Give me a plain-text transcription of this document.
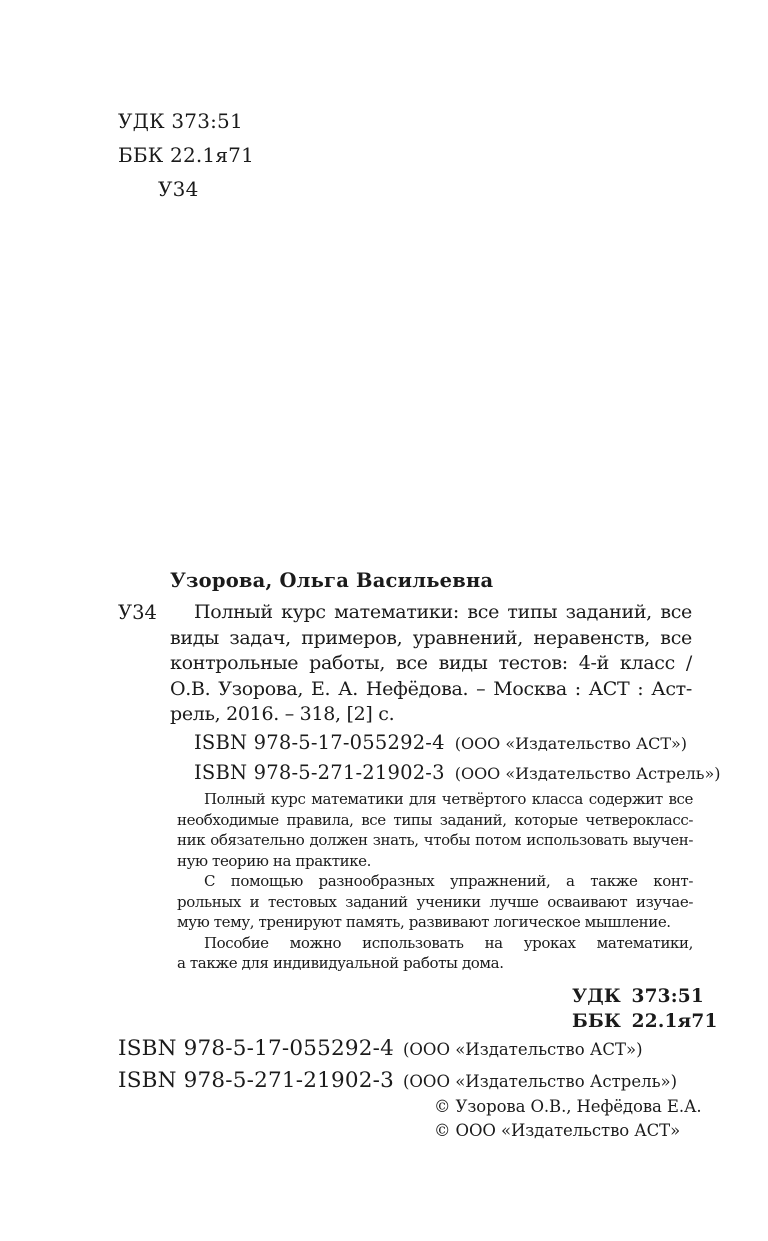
УДК 373:51
ББК 22.1я71
У34
Узорова, Ольга Васильевна
У34	Полный курс математики: все типы заданий, все
виды задач, примеров, уравнений, неравенств, все
контрольные работы, все виды тестов: 4-й класс /
О.В. Узорова, Е. А. Нефёдова. – Москва : АСТ : Аст-
рель, 2016. – 318, [2] с.
ISBN 978-5-17-055292-4 (ООО «Издательство АСТ»)
ISBN 978-5-271-21902-3 (ООО «Издательство Астрель»)
Полный курс математики для четвёртого класса содержит все
необходимые правила, все типы заданий, которые четверокласс-
ник обязательно должен знать, чтобы потом использовать выучен-
ную теорию на практике.
С помощью разнообразных упражнений, а также конт-
рольных и тестовых заданий ученики лучше осваивают изучае-
мую тему, тренируют память, развивают логическое мышление.
Пособие можно использовать на уроках математики,
а также для индивидуальной работы дома.
УДК 373:51
ББК 22.1я71
ISBN 978-5-17-055292-4 (ООО «Издательство АСТ»)
ISBN 978-5-271-21902-3 (ООО «Издательство Астрель»)
© Узорова О.В., Нефёдова Е.А.
© ООО «Издательство АСТ»
